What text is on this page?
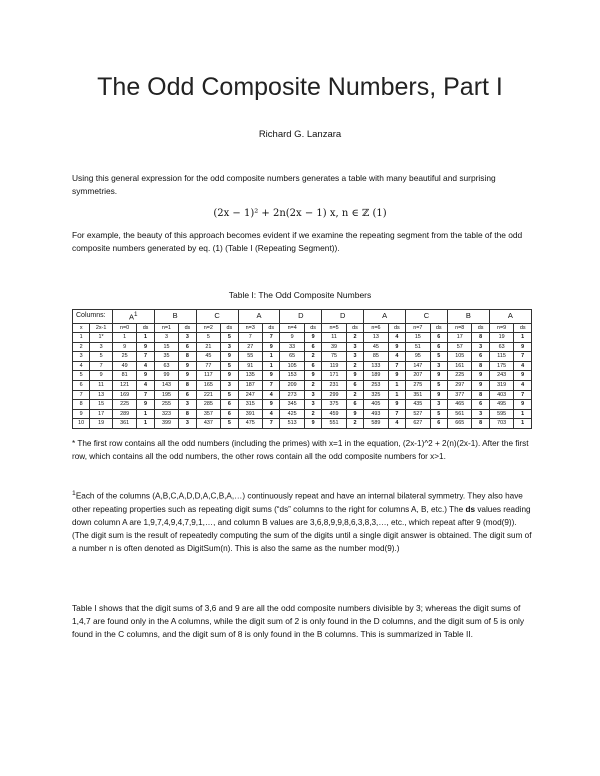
The Odd Composite Numbers, Part I
Richard G. Lanzara

Using this general expression for the odd composite numbers generates a table with many beautiful and surprising symmetries.

(2x − 1)² + 2n(2x − 1) x, n ∈ ℤ (1)

For example, the beauty of this approach becomes evident if we examine the repeating segment from the table of the odd composite numbers generated by eq. (1) (Table I (Repeating Segment)).

Table I: The Odd Composite Numbers
Columns:		$A^1$		B		C		A		D		D		A		C		B		A	
x	2x-1	n=0	ds	n=1	ds	n=2	ds	n=3	ds	n=4	ds	n=5	ds	n=6	ds	n=7	ds	n=8	ds	n=9	ds
1	1*	1	1	3	3	5	5	7	7	9	9	11	2	13	4	15	6	17	8	19	1
2	3	9	9	15	6	21	3	27	9	33	6	39	3	45	9	51	6	57	3	63	9
3	5	25	7	35	8	45	9	55	1	65	2	75	3	85	4	95	5	105	6	115	7
4	7	49	4	63	9	77	5	91	1	105	6	119	2	133	7	147	3	161	8	175	4
5	9	81	9	99	9	117	9	135	9	153	9	171	9	189	9	207	9	225	9	243	9
6	11	121	4	143	8	165	3	187	7	209	2	231	6	253	1	275	5	297	9	319	4
7	13	169	7	195	6	221	5	247	4	273	3	299	2	325	1	351	9	377	8	403	7
8	15	225	9	255	3	285	6	315	9	345	3	375	6	405	9	435	3	465	6	495	9
9	17	289	1	323	8	357	6	391	4	425	2	459	9	493	7	527	5	561	3	595	1
10	19	361	1	399	3	437	5	475	7	513	9	551	2	589	4	627	6	665	8	703	1

* The first row contains all the odd numbers (including the primes) with x=1 in the equation, (2x-1)^2 + 2(n)(2x-1). After the first row, which contains all the odd numbers, the other rows contain all the odd composite numbers for x>1.

$^1$Each of the columns (A,B,C,A,D,D,A,C,B,A,…) continuously repeat and have an internal bilateral symmetry. They also have other repeating properties such as repeating digit sums (“ds” columns to the right for columns A, B, etc.) The ds values reading down column A are 1,9,7,4,9,4,7,9,1,…, and column B values are 3,6,8,9,9,8,6,3,8,3,…, etc., which repeat after 9 (mod(9)). (The digit sum is the result of repeatedly computing the sum of the digits until a single digit answer is obtained. The digit sum of a number n is often denoted as DigitSum(n). This is also the same as the number mod(9).)

Table I shows that the digit sums of 3,6 and 9 are all the odd composite numbers divisible by 3; whereas the digit sums of 1,4,7 are found only in the A columns, while the digit sum of 2 is only found in the D columns, and the digit sum of 5 is only found in the C columns, and the digit sum of 8 is only found in the B columns. This is summarized in Table II.
